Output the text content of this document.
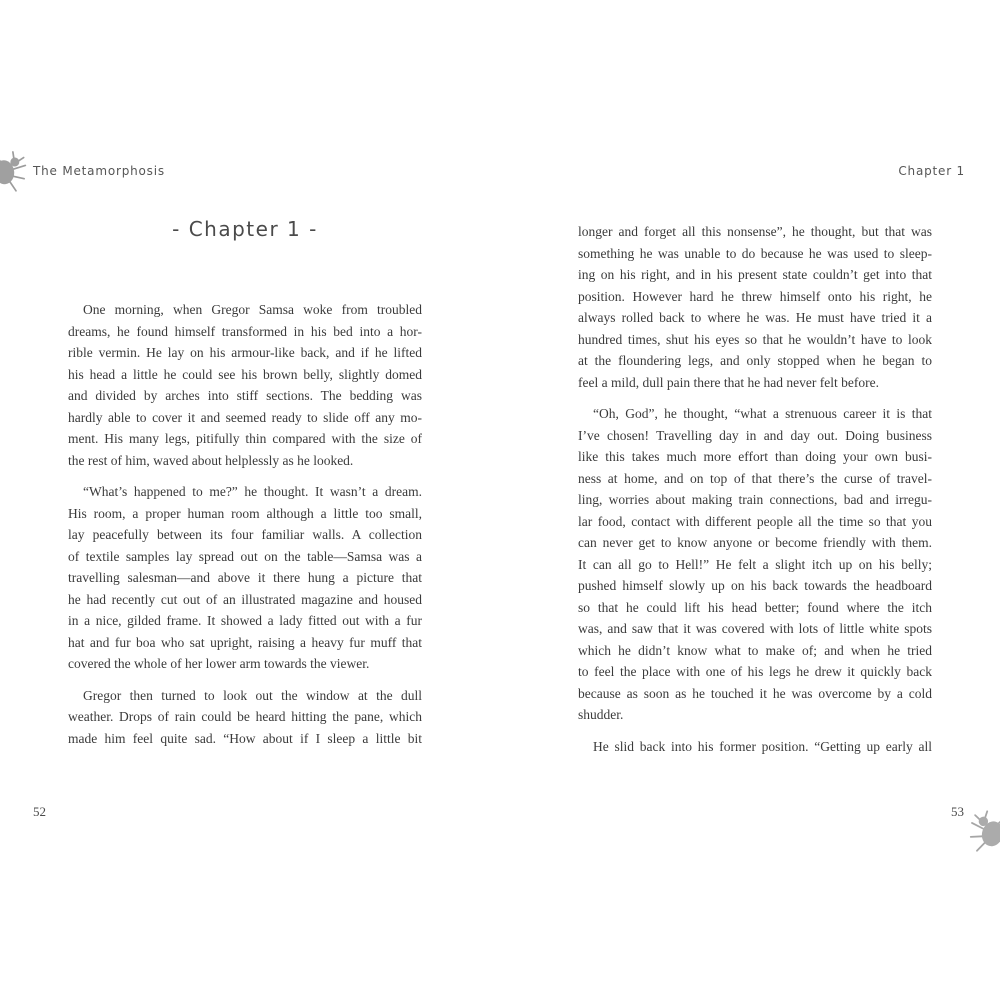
The Metamorphosis	Chapter 1
- Chapter 1 -
One morning, when Gregor Samsa woke from troubled
dreams, he found himself transformed in his bed into a hor-
rible vermin. He lay on his armour-like back, and if he lifted
his head a little he could see his brown belly, slightly domed
and divided by arches into stiff sections. The bedding was
hardly able to cover it and seemed ready to slide off any mo-
ment. His many legs, pitifully thin compared with the size of
the rest of him, waved about helplessly as he looked.
“What’s happened to me?” he thought. It wasn’t a dream.
His room, a proper human room although a little too small,
lay peacefully between its four familiar walls. A collection
of textile samples lay spread out on the table—Samsa was a
travelling salesman—and above it there hung a picture that
he had recently cut out of an illustrated magazine and housed
in a nice, gilded frame. It showed a lady fitted out with a fur
hat and fur boa who sat upright, raising a heavy fur muff that
covered the whole of her lower arm towards the viewer.
Gregor then turned to look out the window at the dull
weather. Drops of rain could be heard hitting the pane, which
made him feel quite sad. “How about if I sleep a little bit
longer and forget all this nonsense”, he thought, but that was
something he was unable to do because he was used to sleep-
ing on his right, and in his present state couldn’t get into that
position. However hard he threw himself onto his right, he
always rolled back to where he was. He must have tried it a
hundred times, shut his eyes so that he wouldn’t have to look
at the floundering legs, and only stopped when he began to
feel a mild, dull pain there that he had never felt before.
“Oh, God”, he thought, “what a strenuous career it is that
I’ve chosen! Travelling day in and day out. Doing business
like this takes much more effort than doing your own busi-
ness at home, and on top of that there’s the curse of travel-
ling, worries about making train connections, bad and irregu-
lar food, contact with different people all the time so that you
can never get to know anyone or become friendly with them.
It can all go to Hell!” He felt a slight itch up on his belly;
pushed himself slowly up on his back towards the headboard
so that he could lift his head better; found where the itch
was, and saw that it was covered with lots of little white spots
which he didn’t know what to make of; and when he tried
to feel the place with one of his legs he drew it quickly back
because as soon as he touched it he was overcome by a cold
shudder.
He slid back into his former position. “Getting up early all
52	53
